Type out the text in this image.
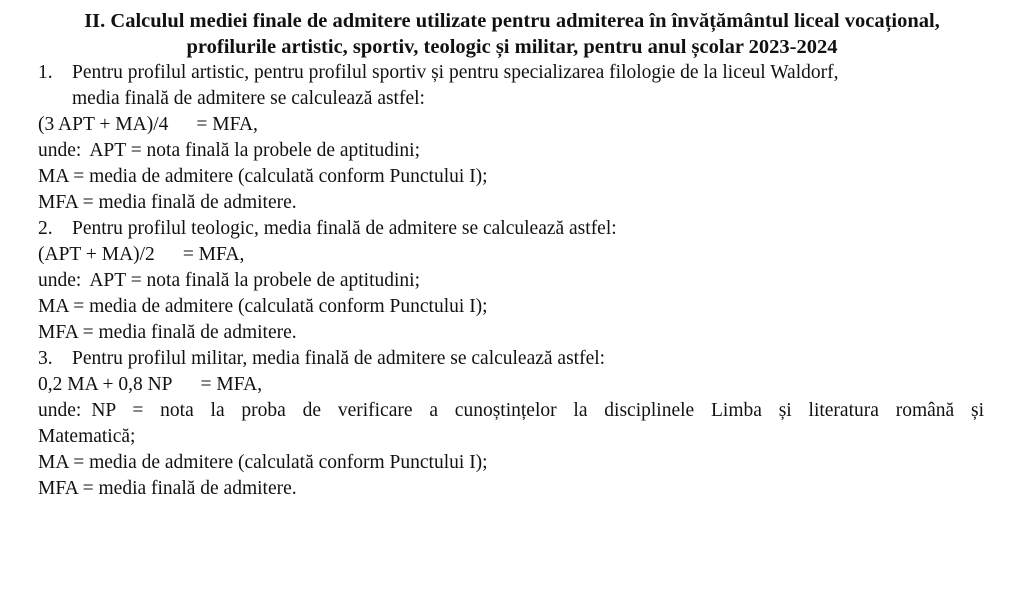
II. Calculul mediei finale de admitere utilizate pentru admiterea în învățământul liceal vocațional,
profilurile artistic, sportiv, teologic și militar, pentru anul școlar 2023-2024
1. Pentru profilul artistic, pentru profilul sportiv și pentru specializarea filologie de la liceul Waldorf,
media finală de admitere se calculează astfel:
(3 APT + MA)/4 = MFA,
unde: APT = nota finală la probele de aptitudini;
MA = media de admitere (calculată conform Punctului I);
MFA = media finală de admitere.
2. Pentru profilul teologic, media finală de admitere se calculează astfel:
(APT + MA)/2 = MFA,
unde: APT = nota finală la probele de aptitudini;
MA = media de admitere (calculată conform Punctului I);
MFA = media finală de admitere.
3. Pentru profilul militar, media finală de admitere se calculează astfel:
0,2 MA + 0,8 NP = MFA,
unde: NP = nota la proba de verificare a cunoștințelor la disciplinele Limba și literatura română și
Matematică;
MA = media de admitere (calculată conform Punctului I);
MFA = media finală de admitere.
